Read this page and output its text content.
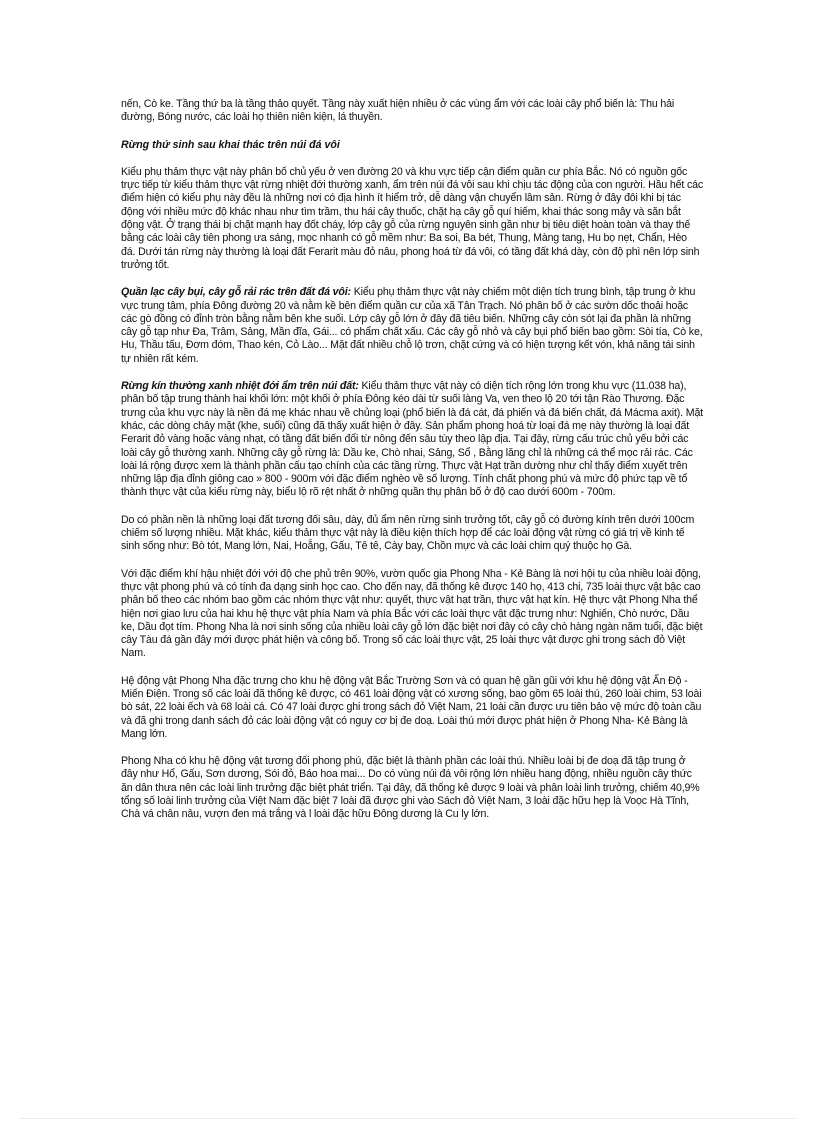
nến, Cò ke. Tầng thứ ba là tầng thảo quyết. Tầng này xuất hiện nhiều ở các vùng ẩm với các loài cây phổ biến là: Thu hải đường, Bóng nước, các loài họ thiên niên kiện, lá thuyền.

Rừng thứ sinh sau khai thác trên núi đá vôi

Kiểu phụ thảm thực vật này phân bố chủ yếu ở ven đường 20 và khu vực tiếp cận điểm quần cư phía Bắc. Nó có nguồn gốc trực tiếp từ kiểu thảm thực vật rừng nhiệt đới thường xanh, ẩm trên núi đá vôi sau khi chịu tác động của con người. Hầu hết các điểm hiện có kiểu phụ này đều là những nơi có địa hình ít hiểm trở, dễ dàng vận chuyển lâm sản. Rừng ở đây đôi khi bị tác động với nhiều mức độ khác nhau như tìm trầm, thu hái cây thuốc, chặt hạ cây gỗ quí hiếm, khai thác song mây và săn bắt động vật. Ở trạng thái bị chặt mạnh hay đốt cháy, lớp cây gỗ của rừng nguyên sinh gần như bị tiêu diệt hoàn toàn và thay thế bằng các loài cây tiên phong ưa sáng, mọc nhanh có gỗ mềm như: Ba soi, Ba bét, Thung, Màng tang, Hu bọ nẹt, Chẩn, Hèo đá. Dưới tán rừng này thường là loại đất Ferarit màu đỏ nâu, phong hoá từ đá vôi, có tầng đất khá dày, còn độ phì nên lớp sinh trưởng tốt.

Quần lạc cây bụi, cây gỗ rải rác trên đất đá vôi: Kiểu phụ thảm thực vật này chiếm một diện tích trung bình, tập trung ở khu vực trung tâm, phía Đông đường 20 và nằm kề bên điểm quần cư của xã Tân Trạch. Nó phân bố ở các sườn dốc thoải hoặc các gò đồng có đỉnh tròn bằng nằm bên khe suối. Lớp cây gỗ lớn ở đây đã tiêu biến. Những cây còn sót lại đa phần là những cây gỗ tạp như Đa, Trâm, Sảng, Mần đĩa, Gái... có phẩm chất xấu. Các cây gỗ nhỏ và cây bụi phổ biến bao gồm: Sòi tía, Cò ke, Hu, Thầu tấu, Đơm đóm, Thao kén, Cỏ Lào... Mặt đất nhiều chỗ lộ trơn, chặt cứng và có hiện tượng kết vón, khả năng tái sinh tự nhiên rất kém.

Rừng kín thường xanh nhiệt đới ẩm trên núi đất: Kiểu thảm thực vật này có diện tích rộng lớn trong khu vực (11.038 ha), phân bố tập trung thành hai khối lớn: một khối ở phía Đông kéo dài từ suối làng Va, ven theo lộ 20 tới tận Rào Thương. Đặc trưng của khu vực này là nền đá mẹ khác nhau về chủng loại (phổ biến là đá cát, đá phiến và đá biến chất, đá Mácma axit). Mặt khác, các dòng chảy mặt (khe, suối) cũng đã thấy xuất hiện ở đây. Sản phẩm phong hoá từ loại đá mẹ này thường là loại đất Ferarit đỏ vàng hoặc vàng nhạt, có tầng đất biến đổi từ nông đến sâu tùy theo lập địa. Tại đây, rừng cấu trúc chủ yếu bởi các loài cây gỗ thường xanh. Những cây gỗ rừng là: Dầu ke, Chò nhai, Sảng, Sổ , Bằng lăng chỉ là những cá thể mọc rải rác. Các loài lá rộng được xem là thành phần cấu tạo chính của các tầng rừng. Thực vật Hạt trần dường như chỉ thấy điểm xuyết trên những lập địa đỉnh giông cao » 800 - 900m với đặc điểm nghèo về số lượng. Tính chất phong phú và mức độ phức tạp về tổ thành thực vật của kiểu rừng này, biểu lộ rõ rệt nhất ở những quần thụ phân bố ở độ cao dưới 600m - 700m.

Do có phần nền là những loại đất tương đối sâu, dày, đủ ẩm nên rừng sinh trưởng tốt, cây gỗ có đường kính trên dưới 100cm chiếm số lượng nhiều. Mặt khác, kiểu thảm thực vật này là điều kiện thích hợp để các loài động vật rừng có giá trị về kinh tế sinh sống như: Bò tót, Mang lớn, Nai, Hoẵng, Gấu, Tê tê, Cày bay, Chồn mực và các loài chim quý thuộc họ Gà.

Với đặc điểm khí hậu nhiệt đới với độ che phủ trên 90%, vườn quốc gia Phong Nha - Kẻ Bàng là nơi hội tụ của nhiều loài động, thực vật phong phú và có tính đa dạng sinh học cao. Cho đến nay, đã thống kê được 140 họ, 413 chi, 735 loài thực vật bậc cao phân bố theo các nhóm bao gồm các nhóm thực vật như: quyết, thực vật hạt trần, thực vật hạt kín. Hệ thực vật Phong Nha thể hiện nơi giao lưu của hai khu hệ thực vật phía Nam và phía Bắc với các loài thực vật đặc trưng như: Nghiến, Chò nước, Dầu ke, Dầu đọt tím. Phong Nha là nơi sinh sống của nhiều loài cây gỗ lớn đặc biệt nơi đây có cây chò hàng ngàn năm tuổi, đặc biệt cây Tàu đá gần đây mới được phát hiện và công bố. Trong số các loài thực vật, 25 loài thực vật được ghi trong sách đỏ Việt Nam.

Hệ động vật Phong Nha đặc trưng cho khu hệ động vật Bắc Trường Sơn và có quan hệ gần gũi với khu hệ động vật Ấn Độ - Miến Điện. Trong số các loài đã thống kê được, có 461 loài động vật có xương sống, bao gồm 65 loài thú, 260 loài chim, 53 loài bò sát, 22 loài ếch và 68 loài cá. Có 47 loài được ghi trong sách đỏ Việt Nam, 21 loài cần được ưu tiên bảo vệ mức độ toàn cầu và đã ghi trong danh sách đỏ các loài động vật có nguy cơ bị đe doạ. Loài thú mới được phát hiện ở Phong Nha- Kẻ Bàng là Mang lớn.

Phong Nha có khu hệ động vật tương đối phong phú, đặc biệt là thành phần các loài thú. Nhiều loài bị đe doạ đã tập trung ở đây như Hổ, Gấu, Sơn dương, Sói đỏ, Báo hoa mai... Do có vùng núi đá vôi rộng lớn nhiều hang động, nhiều nguồn cây thức ăn dân thưa nên các loài linh trưởng đặc biệt phát triển. Tại đây, đã thống kê được 9 loài và phân loài linh trưởng, chiếm 40,9% tổng số loài linh trưởng của Việt Nam đặc biệt 7 loài đã được ghi vào Sách đỏ Việt Nam, 3 loài đặc hữu hẹp là Voọc Hà Tĩnh, Chà vá chân nâu, vượn đen má trắng và l loài đặc hữu Đông dương là Cu ly lớn.
